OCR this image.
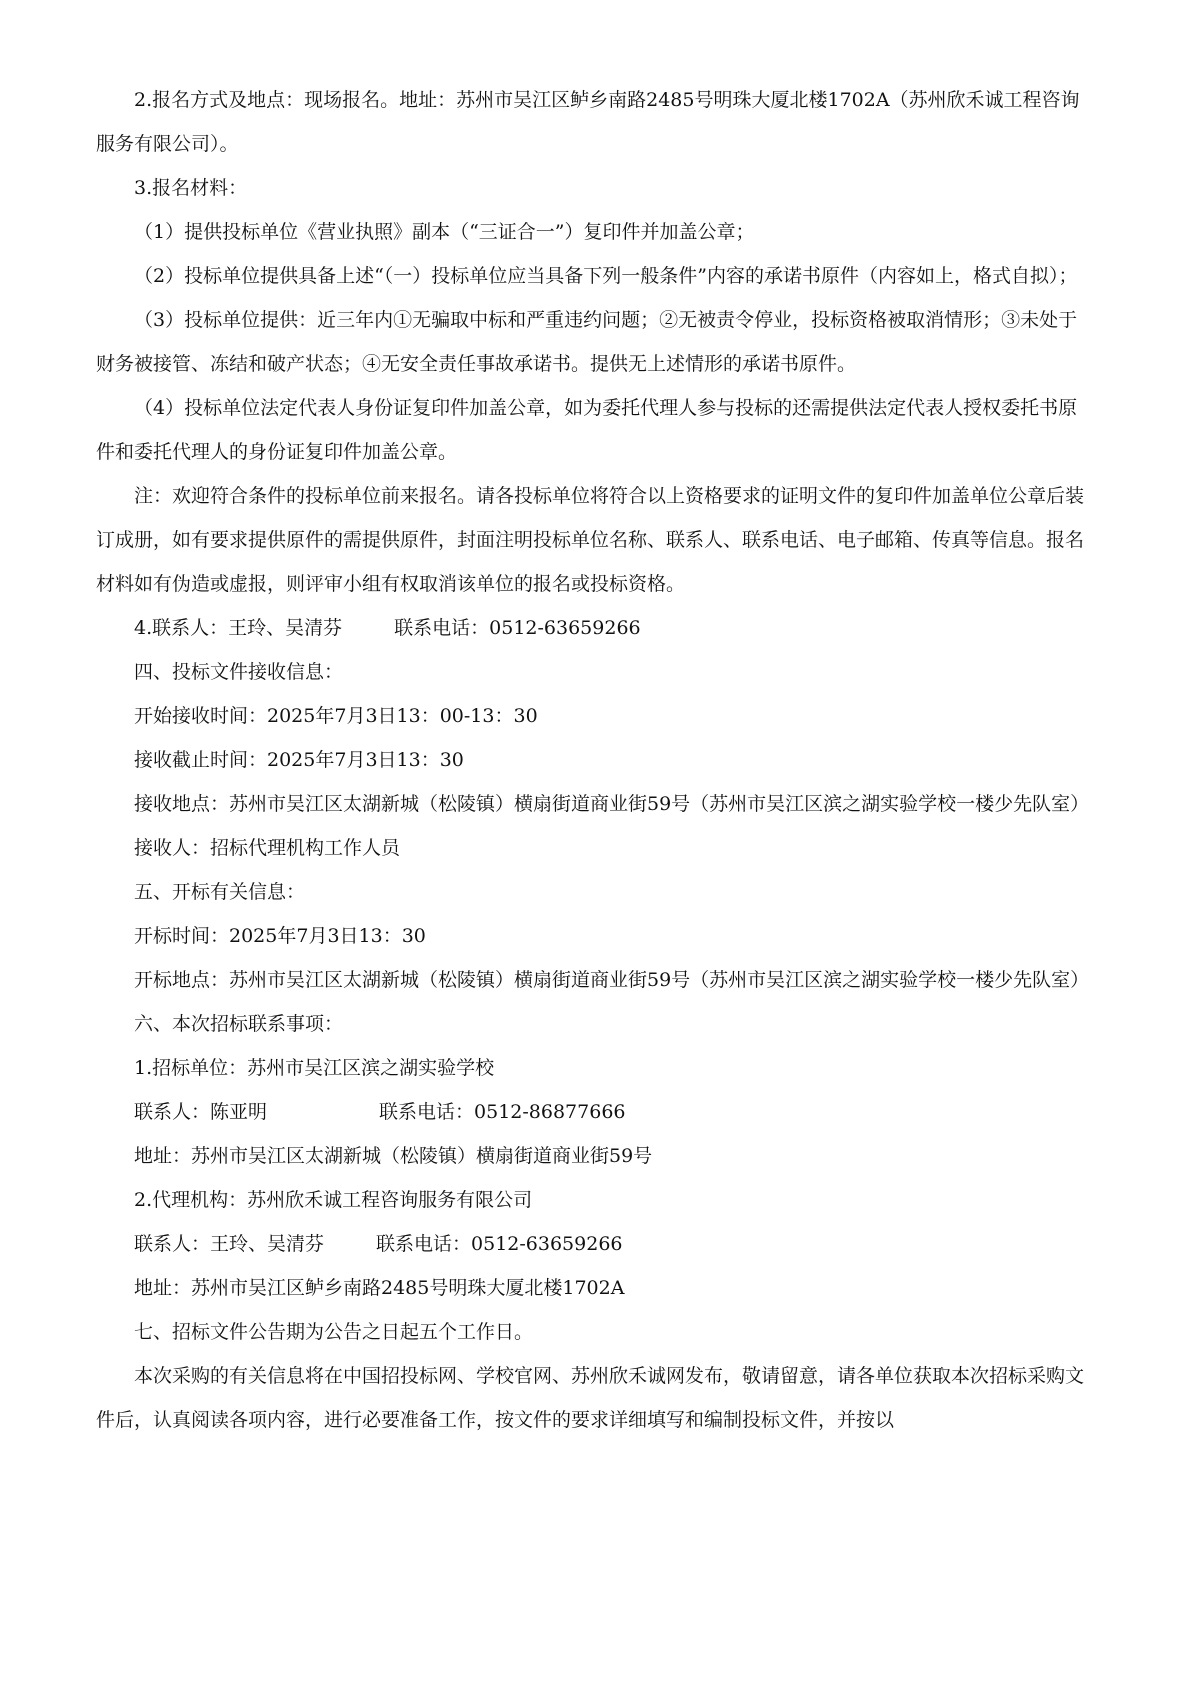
2.报名方式及地点：现场报名。地址：苏州市吴江区鲈乡南路2485号明珠大厦北楼1702A（苏州欣禾诚工程咨询服务有限公司）。

3.报名材料：

（1）提供投标单位《营业执照》副本（“三证合一”）复印件并加盖公章；

（2）投标单位提供具备上述“（一）投标单位应当具备下列一般条件”内容的承诺书原件（内容如上，格式自拟）；

（3）投标单位提供：近三年内①无骗取中标和严重违约问题；②无被责令停业，投标资格被取消情形；③未处于财务被接管、冻结和破产状态；④无安全责任事故承诺书。提供无上述情形的承诺书原件。

（4）投标单位法定代表人身份证复印件加盖公章，如为委托代理人参与投标的还需提供法定代表人授权委托书原件和委托代理人的身份证复印件加盖公章。

注：欢迎符合条件的投标单位前来报名。请各投标单位将符合以上资格要求的证明文件的复印件加盖单位公章后装订成册，如有要求提供原件的需提供原件，封面注明投标单位名称、联系人、联系电话、电子邮箱、传真等信息。报名材料如有伪造或虚报，则评审小组有权取消该单位的报名或投标资格。

4.联系人：王玲、吴清芬	联系电话：0512-63659266

四、投标文件接收信息：

开始接收时间：2025年7月3日13：00-13：30

接收截止时间：2025年7月3日13：30

接收地点：苏州市吴江区太湖新城（松陵镇）横扇街道商业街59号（苏州市吴江区滨之湖实验学校一楼少先队室）

接收人：招标代理机构工作人员

五、开标有关信息：

开标时间：2025年7月3日13：30

开标地点：苏州市吴江区太湖新城（松陵镇）横扇街道商业街59号（苏州市吴江区滨之湖实验学校一楼少先队室）

六、本次招标联系事项：

1.招标单位：苏州市吴江区滨之湖实验学校

联系人：陈亚明	联系电话：0512-86877666

地址：苏州市吴江区太湖新城（松陵镇）横扇街道商业街59号

2.代理机构：苏州欣禾诚工程咨询服务有限公司

联系人：王玲、吴清芬	联系电话：0512-63659266

地址：苏州市吴江区鲈乡南路2485号明珠大厦北楼1702A

七、招标文件公告期为公告之日起五个工作日。

本次采购的有关信息将在中国招投标网、学校官网、苏州欣禾诚网发布，敬请留意，请各单位获取本次招标采购文件后，认真阅读各项内容，进行必要准备工作，按文件的要求详细填写和编制投标文件，并按以
